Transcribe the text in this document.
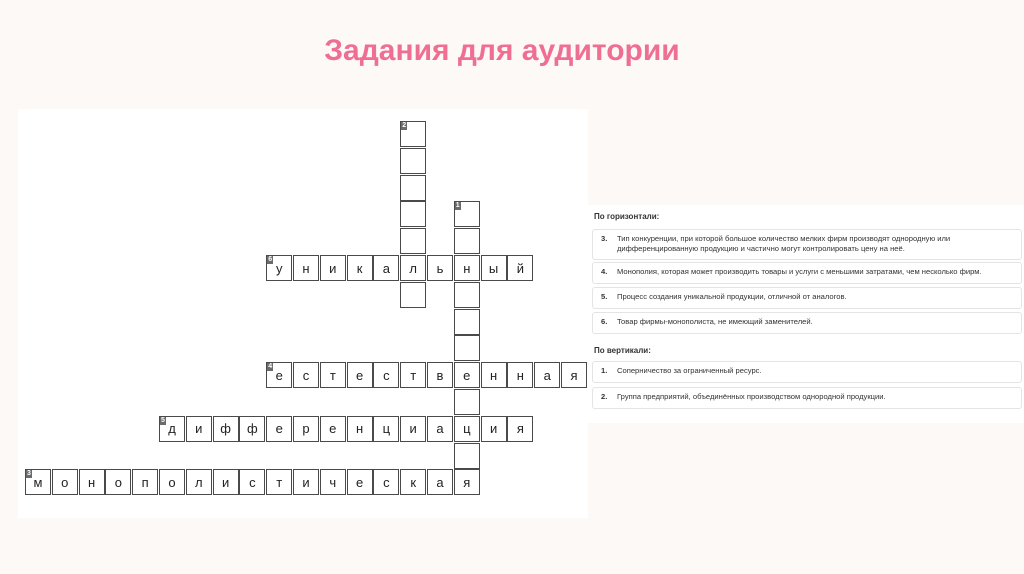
Задания для аудитории
6
у н и к а л ь н ы й
4
е с т е с т в е н н а я
5
д и ф ф е р е н ц и а ц и я
3
м о н о п о л и с т и ч е с к а я
2
1
По горизонтали:
3. Тип конкуренции, при которой большое количество мелких фирм производят однородную или дифференцированную продукцию и частично могут контролировать цену на неё.
4. Монополия, которая может производить товары и услуги с меньшими затратами, чем несколько фирм.
5. Процесс создания уникальной продукции, отличной от аналогов.
6. Товар фирмы-монополиста, не имеющий заменителей.
По вертикали:
1. Соперничество за ограниченный ресурс.
2. Группа предприятий, объединённых производством однородной продукции.
